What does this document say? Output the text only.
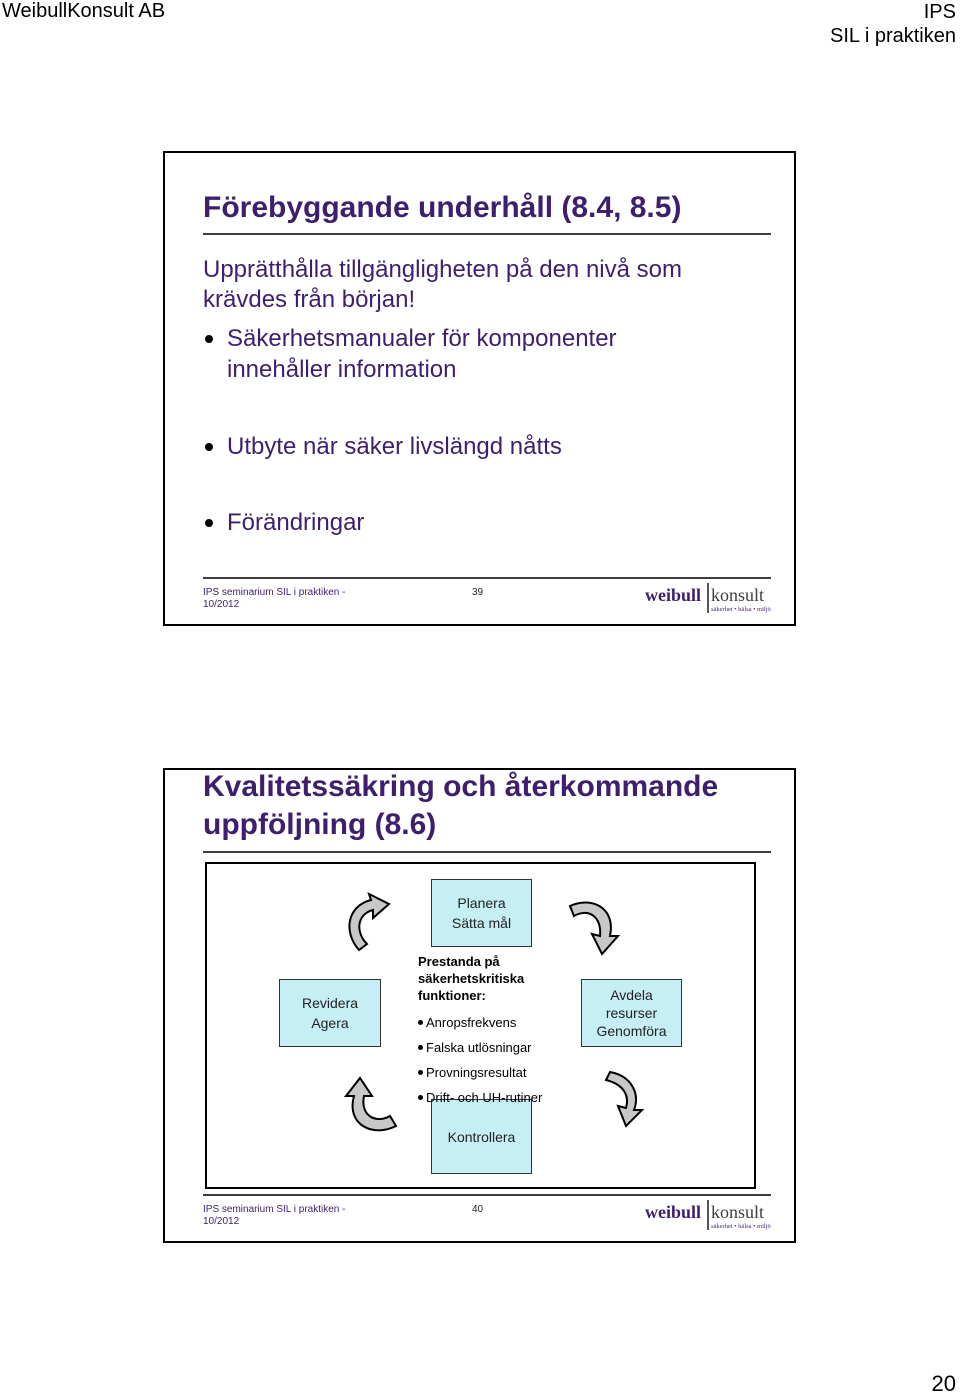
WeibullKonsult AB	IPS
SIL i praktiken
Förebyggande underhåll (8.4, 8.5)
Upprätthålla tillgängligheten på den nivå som
krävdes från början!
Säkerhetsmanualer för komponenter
innehåller information
Utbyte när säker livslängd nåtts
Förändringar
IPS seminarium SIL i praktiken -
10/2012
39	weibull konsult
säkerhet • hälsa • miljö
Kvalitetssäkring och återkommande
uppföljning (8.6)
Planera
Sätta mål
Revidera
Agera
Avdela
resurser
Genomföra
Kontrollera
Prestanda på
säkerhetskritiska
funktioner:
Anropsfrekvens
Falska utlösningar
Provningsresultat
Drift- och UH-rutiner
IPS seminarium SIL i praktiken -
10/2012
40	weibull konsult
säkerhet • hälsa • miljö
20
